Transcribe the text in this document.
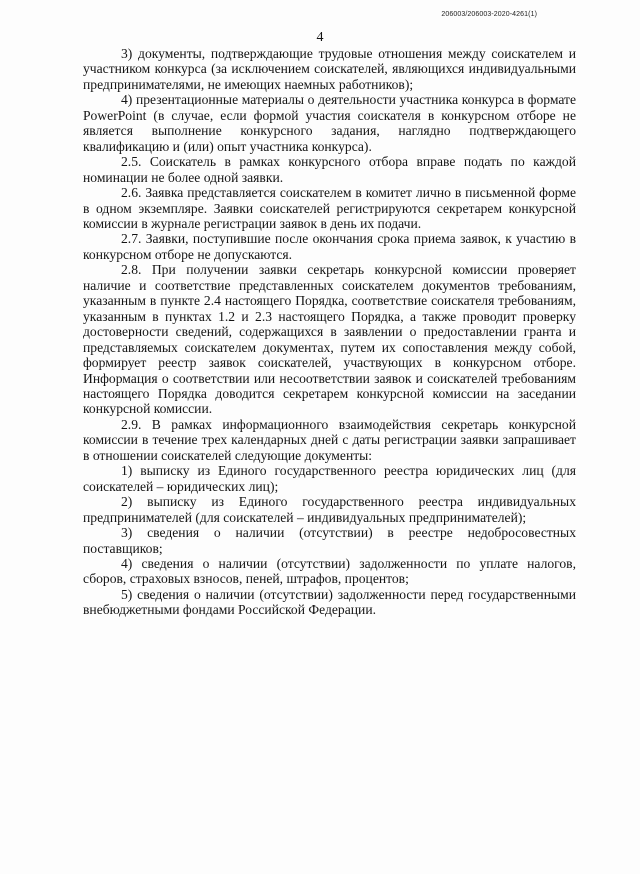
206003/206003-2020-4261(1)
4

3) документы, подтверждающие трудовые отношения между соискателем и участником конкурса (за исключением соискателей, являющихся индивидуальными предпринимателями, не имеющих наемных работников);

4) презентационные материалы о деятельности участника конкурса в формате PowerPoint (в случае, если формой участия соискателя в конкурсном отборе не является выполнение конкурсного задания, наглядно подтверждающего квалификацию и (или) опыт участника конкурса).

2.5. Соискатель в рамках конкурсного отбора вправе подать по каждой номинации не более одной заявки.

2.6. Заявка представляется соискателем в комитет лично в письменной форме в одном экземпляре. Заявки соискателей регистрируются секретарем конкурсной комиссии в журнале регистрации заявок в день их подачи.

2.7. Заявки, поступившие после окончания срока приема заявок, к участию в конкурсном отборе не допускаются.

2.8. При получении заявки секретарь конкурсной комиссии проверяет наличие и соответствие представленных соискателем документов требованиям, указанным в пункте 2.4 настоящего Порядка, соответствие соискателя требованиям, указанным в пунктах 1.2 и 2.3 настоящего Порядка, а также проводит проверку достоверности сведений, содержащихся в заявлении о предоставлении гранта и представляемых соискателем документах, путем их сопоставления между собой, формирует реестр заявок соискателей, участвующих в конкурсном отборе. Информация о соответствии или несоответствии заявок и соискателей требованиям настоящего Порядка доводится секретарем конкурсной комиссии на заседании конкурсной комиссии.

2.9. В рамках информационного взаимодействия секретарь конкурсной комиссии в течение трех календарных дней с даты регистрации заявки запрашивает в отношении соискателей следующие документы:

1) выписку из Единого государственного реестра юридических лиц (для соискателей – юридических лиц);

2) выписку из Единого государственного реестра индивидуальных предпринимателей (для соискателей – индивидуальных предпринимателей);

3) сведения о наличии (отсутствии) в реестре недобросовестных поставщиков;

4) сведения о наличии (отсутствии) задолженности по уплате налогов, сборов, страховых взносов, пеней, штрафов, процентов;

5) сведения о наличии (отсутствии) задолженности перед государственными внебюджетными фондами Российской Федерации.
